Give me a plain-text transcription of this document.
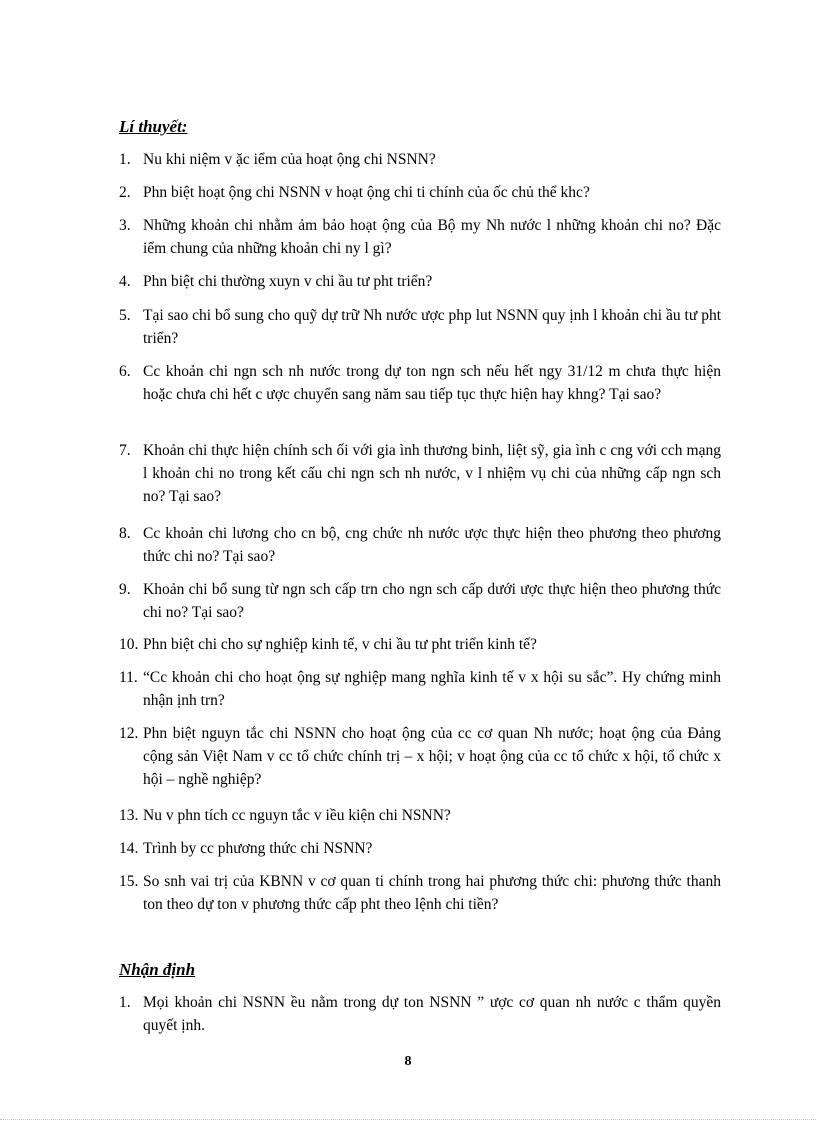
Lí thuyết:
1. Nu khi niệm v ặc iểm của hoạt ộng chi NSNN?
2. Phn biệt hoạt ộng chi NSNN v hoạt ộng chi ti chính của ốc chủ thể khc?
3. Những khoản chi nhằm ảm bảo hoạt ộng của Bộ my Nh nước l những khoản chi no? Đặc iểm chung của những khoản chi ny l gì?
4. Phn biệt chi thường xuyn v chi ầu tư pht triển?
5. Tại sao chi bổ sung cho quỹ dự trữ Nh nước ược php lut NSNN quy ịnh l khoản chi ầu tư pht triển?
6. Cc khoản chi ngn sch nh nước trong dự ton ngn sch nếu hết ngy 31/12 m chưa thực hiện hoặc chưa chi hết c ược chuyển sang năm sau tiếp tục thực hiện hay khng? Tại sao?
7. Khoản chi thực hiện chính sch ối với gia ình thương binh, liệt sỹ, gia ình c cng với cch mạng l khoản chi no trong kết cấu chi ngn sch nh nước, v l nhiệm vụ chi của những cấp ngn sch no? Tại sao?
8. Cc khoản chi lương cho cn bộ, cng chức nh nước ược thực hiện theo phương theo phương thức chi no? Tại sao?
9. Khoản chi bổ sung từ ngn sch cấp trn cho ngn sch cấp dưới ược thực hiện theo phương thức chi no? Tại sao?
10. Phn biệt chi cho sự nghiệp kinh tế, v chi ầu tư pht triển kinh tế?
11. “Cc khoản chi cho hoạt ộng sự nghiệp mang nghĩa kinh tế v x hội su sắc”. Hy chứng minh nhận ịnh trn?
12. Phn biệt nguyn tắc chi NSNN cho hoạt ộng của cc cơ quan Nh nước; hoạt ộng của Đảng cộng sản Việt Nam v cc tổ chức chính trị – x hội; v hoạt ộng của cc tổ chức x hội, tổ chức x hội – nghề nghiệp?
13. Nu v phn tích cc nguyn tắc v iều kiện chi NSNN?
14. Trình by cc phương thức chi NSNN?
15. So snh vai trị của KBNN v cơ quan ti chính trong hai phương thức chi: phương thức thanh ton theo dự ton v phương thức cấp pht theo lệnh chi tiền?
Nhận định
1. Mọi khoản chi NSNN ều nằm trong dự ton NSNN ” ược cơ quan nh nước c thẩm quyền quyết ịnh.
8
